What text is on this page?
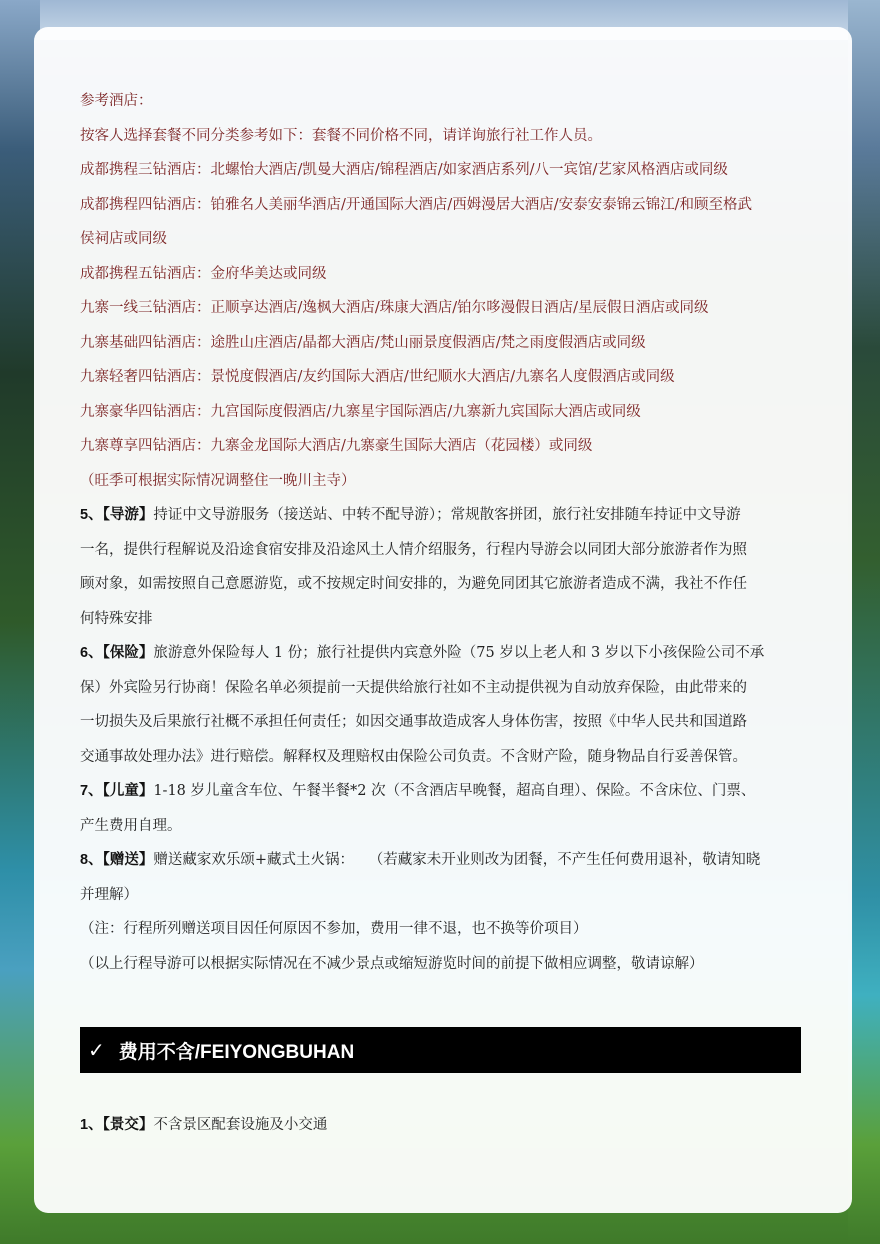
参考酒店：
按客人选择套餐不同分类参考如下：套餐不同价格不同，请详询旅行社工作人员。
成都携程三钻酒店：北螺怡大酒店/凯曼大酒店/锦程酒店/如家酒店系列/八一宾馆/艺家风格酒店或同级
成都携程四钻酒店：铂雅名人美丽华酒店/开通国际大酒店/西姆漫居大酒店/安泰安泰锦云锦江/和顾至格武
侯祠店或同级
成都携程五钻酒店：金府华美达或同级
九寨一线三钻酒店：正顺享达酒店/逸枫大酒店/珠康大酒店/铂尔哆漫假日酒店/星辰假日酒店或同级
九寨基础四钻酒店：途胜山庄酒店/晶都大酒店/梵山丽景度假酒店/梵之雨度假酒店或同级
九寨轻奢四钻酒店：景悦度假酒店/友约国际大酒店/世纪顺水大酒店/九寨名人度假酒店或同级
九寨豪华四钻酒店：九宫国际度假酒店/九寨星宇国际酒店/九寨新九宾国际大酒店或同级
九寨尊享四钻酒店：九寨金龙国际大酒店/九寨豪生国际大酒店（花园楼）或同级
（旺季可根据实际情况调整住一晚川主寺）
5、【导游】持证中文导游服务（接送站、中转不配导游）；常规散客拼团，旅行社安排随车持证中文导游
一名，提供行程解说及沿途食宿安排及沿途风土人情介绍服务，行程内导游会以同团大部分旅游者作为照
顾对象，如需按照自己意愿游览，或不按规定时间安排的，为避免同团其它旅游者造成不满，我社不作任
何特殊安排
6、【保险】旅游意外保险每人 1 份；旅行社提供内宾意外险（75 岁以上老人和 3 岁以下小孩保险公司不承
保）外宾险另行协商！保险名单必须提前一天提供给旅行社如不主动提供视为自动放弃保险，由此带来的
一切损失及后果旅行社概不承担任何责任；如因交通事故造成客人身体伤害，按照《中华人民共和国道路
交通事故处理办法》进行赔偿。解释权及理赔权由保险公司负责。不含财产险，随身物品自行妥善保管。
7、【儿童】1-18 岁儿童含车位、午餐半餐*2 次（不含酒店早晚餐，超高自理）、保险。不含床位、门票、
产生费用自理。
8、【赠送】赠送藏家欢乐颂+藏式土火锅： （若藏家未开业则改为团餐，不产生任何费用退补，敬请知晓
并理解）
（注：行程所列赠送项目因任何原因不参加，费用一律不退，也不换等价项目）
（以上行程导游可以根据实际情况在不减少景点或缩短游览时间的前提下做相应调整，敬请谅解）
1、【景交】不含景区配套设施及小交通
✓ 费用不含/FEIYONGBUHAN
